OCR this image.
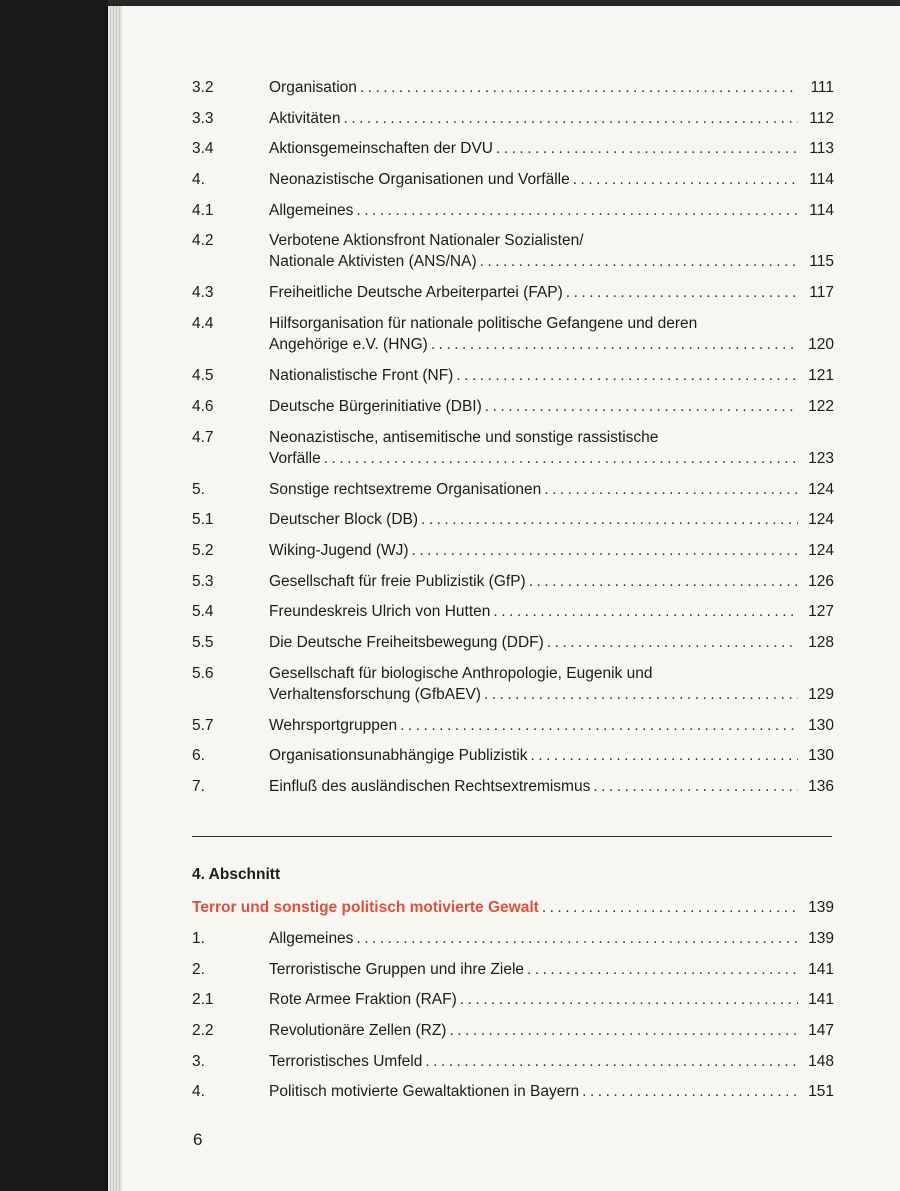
3.2	Organisation .....	111
3.3	Aktivitäten .....	112
3.4	Aktionsgemeinschaften der DVU .....	113
4.	Neonazistische Organisationen und Vorfälle .....	114
4.1	Allgemeines .....	114
4.2	Verbotene Aktionsfront Nationaler Sozialisten/
Nationale Aktivisten (ANS/NA) .....	115
4.3	Freiheitliche Deutsche Arbeiterpartei (FAP) .....	117
4.4	Hilfsorganisation für nationale politische Gefangene und deren
Angehörige e.V. (HNG) .....	120
4.5	Nationalistische Front (NF) .....	121
4.6	Deutsche Bürgerinitiative (DBI) .....	122
4.7	Neonazistische, antisemitische und sonstige rassistische
Vorfälle .....	123
5.	Sonstige rechtsextreme Organisationen .....	124
5.1	Deutscher Block (DB) .....	124
5.2	Wiking-Jugend (WJ) .....	124
5.3	Gesellschaft für freie Publizistik (GfP) .....	126
5.4	Freundeskreis Ulrich von Hutten .....	127
5.5	Die Deutsche Freiheitsbewegung (DDF) .....	128
5.6	Gesellschaft für biologische Anthropologie, Eugenik und
Verhaltensforschung (GfbAEV) .....	129
5.7	Wehrsportgruppen .....	130
6.	Organisationsunabhängige Publizistik .....	130
7.	Einfluß des ausländischen Rechtsextremismus .....	136
4. Abschnitt
Terror und sonstige politisch motivierte Gewalt .....	139
1.	Allgemeines .....	139
2.	Terroristische Gruppen und ihre Ziele .....	141
2.1	Rote Armee Fraktion (RAF) .....	141
2.2	Revolutionäre Zellen (RZ) .....	147
3.	Terroristisches Umfeld .....	148
4.	Politisch motivierte Gewaltaktionen in Bayern .....	151
6
